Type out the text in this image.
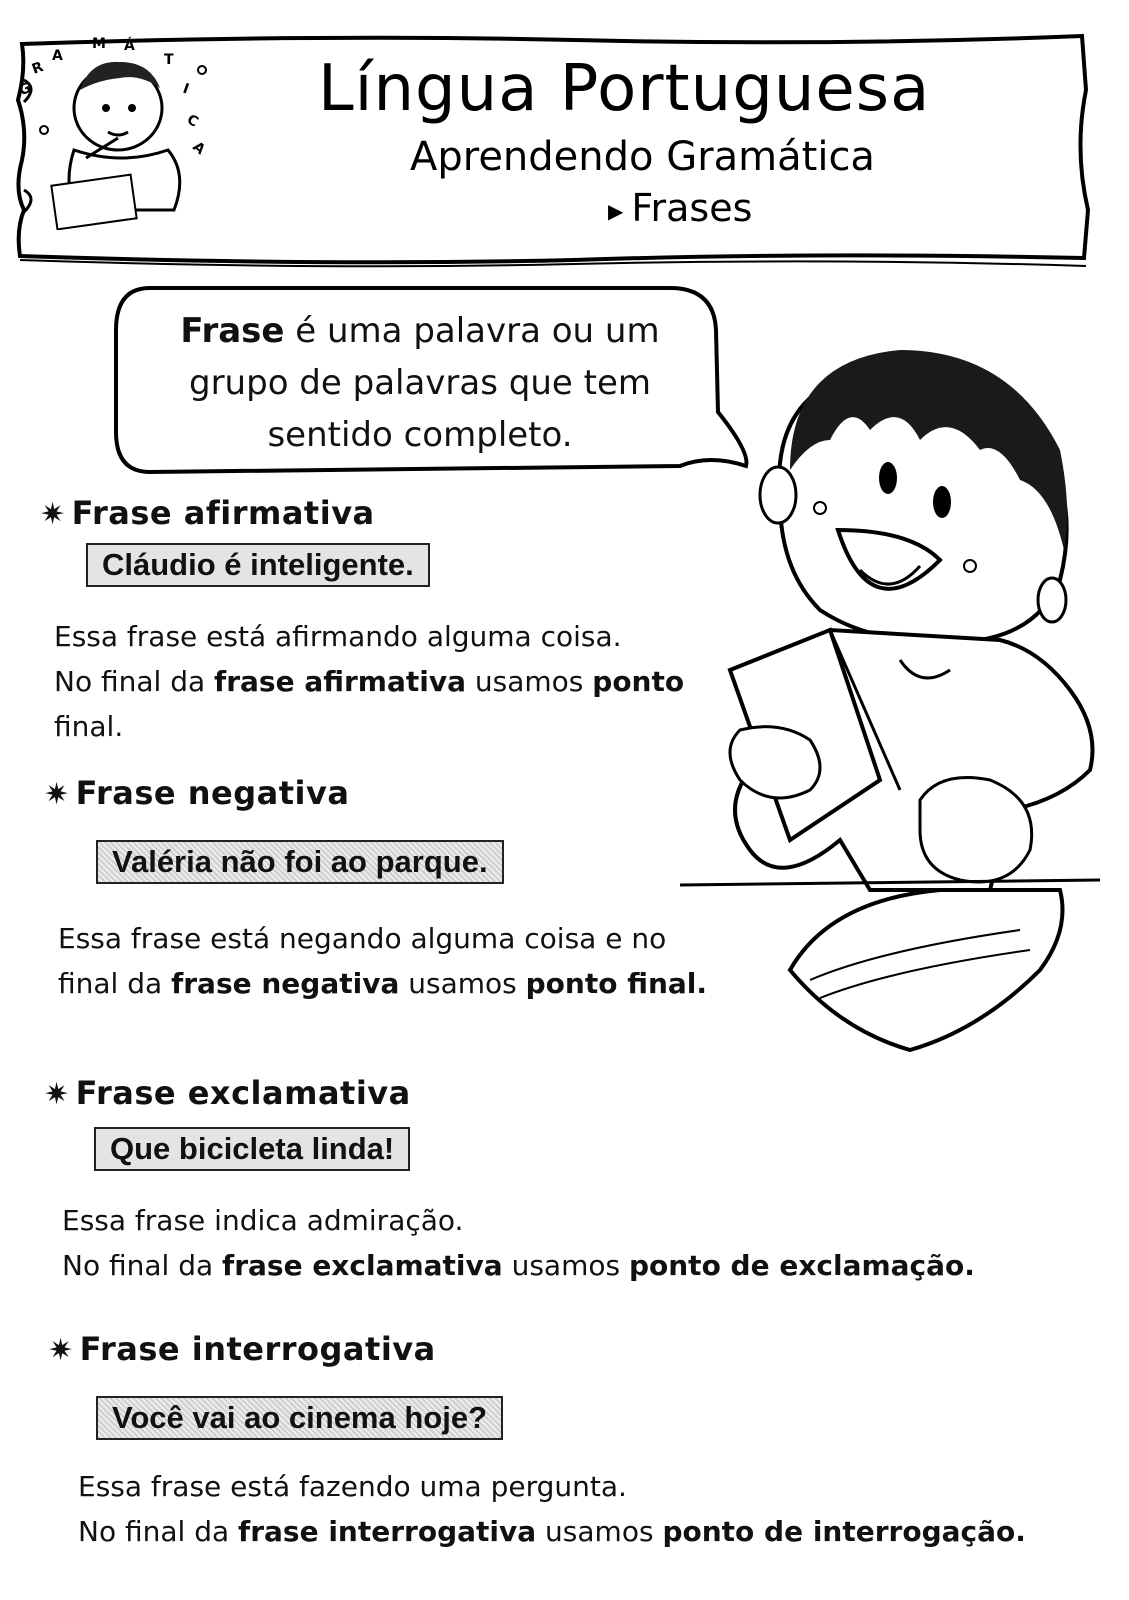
G
R
A
M Á
T
I
C
A
Língua Portuguesa
Aprendendo Gramática
▶ Frases
Frase é uma palavra ou um
grupo de palavras que tem
sentido completo.
✷ Frase afirmativa
Cláudio é inteligente.
Essa frase está afirmando alguma coisa.
No final da frase afirmativa usamos ponto
final.
✷ Frase negativa
Valéria não foi ao parque.
Essa frase está negando alguma coisa e no
final da frase negativa usamos ponto final.
✷ Frase exclamativa
Que bicicleta linda!
Essa frase indica admiração.
No final da frase exclamativa usamos ponto de exclamação.
✷ Frase interrogativa
Você vai ao cinema hoje?
Essa frase está fazendo uma pergunta.
No final da frase interrogativa usamos ponto de interrogação.
